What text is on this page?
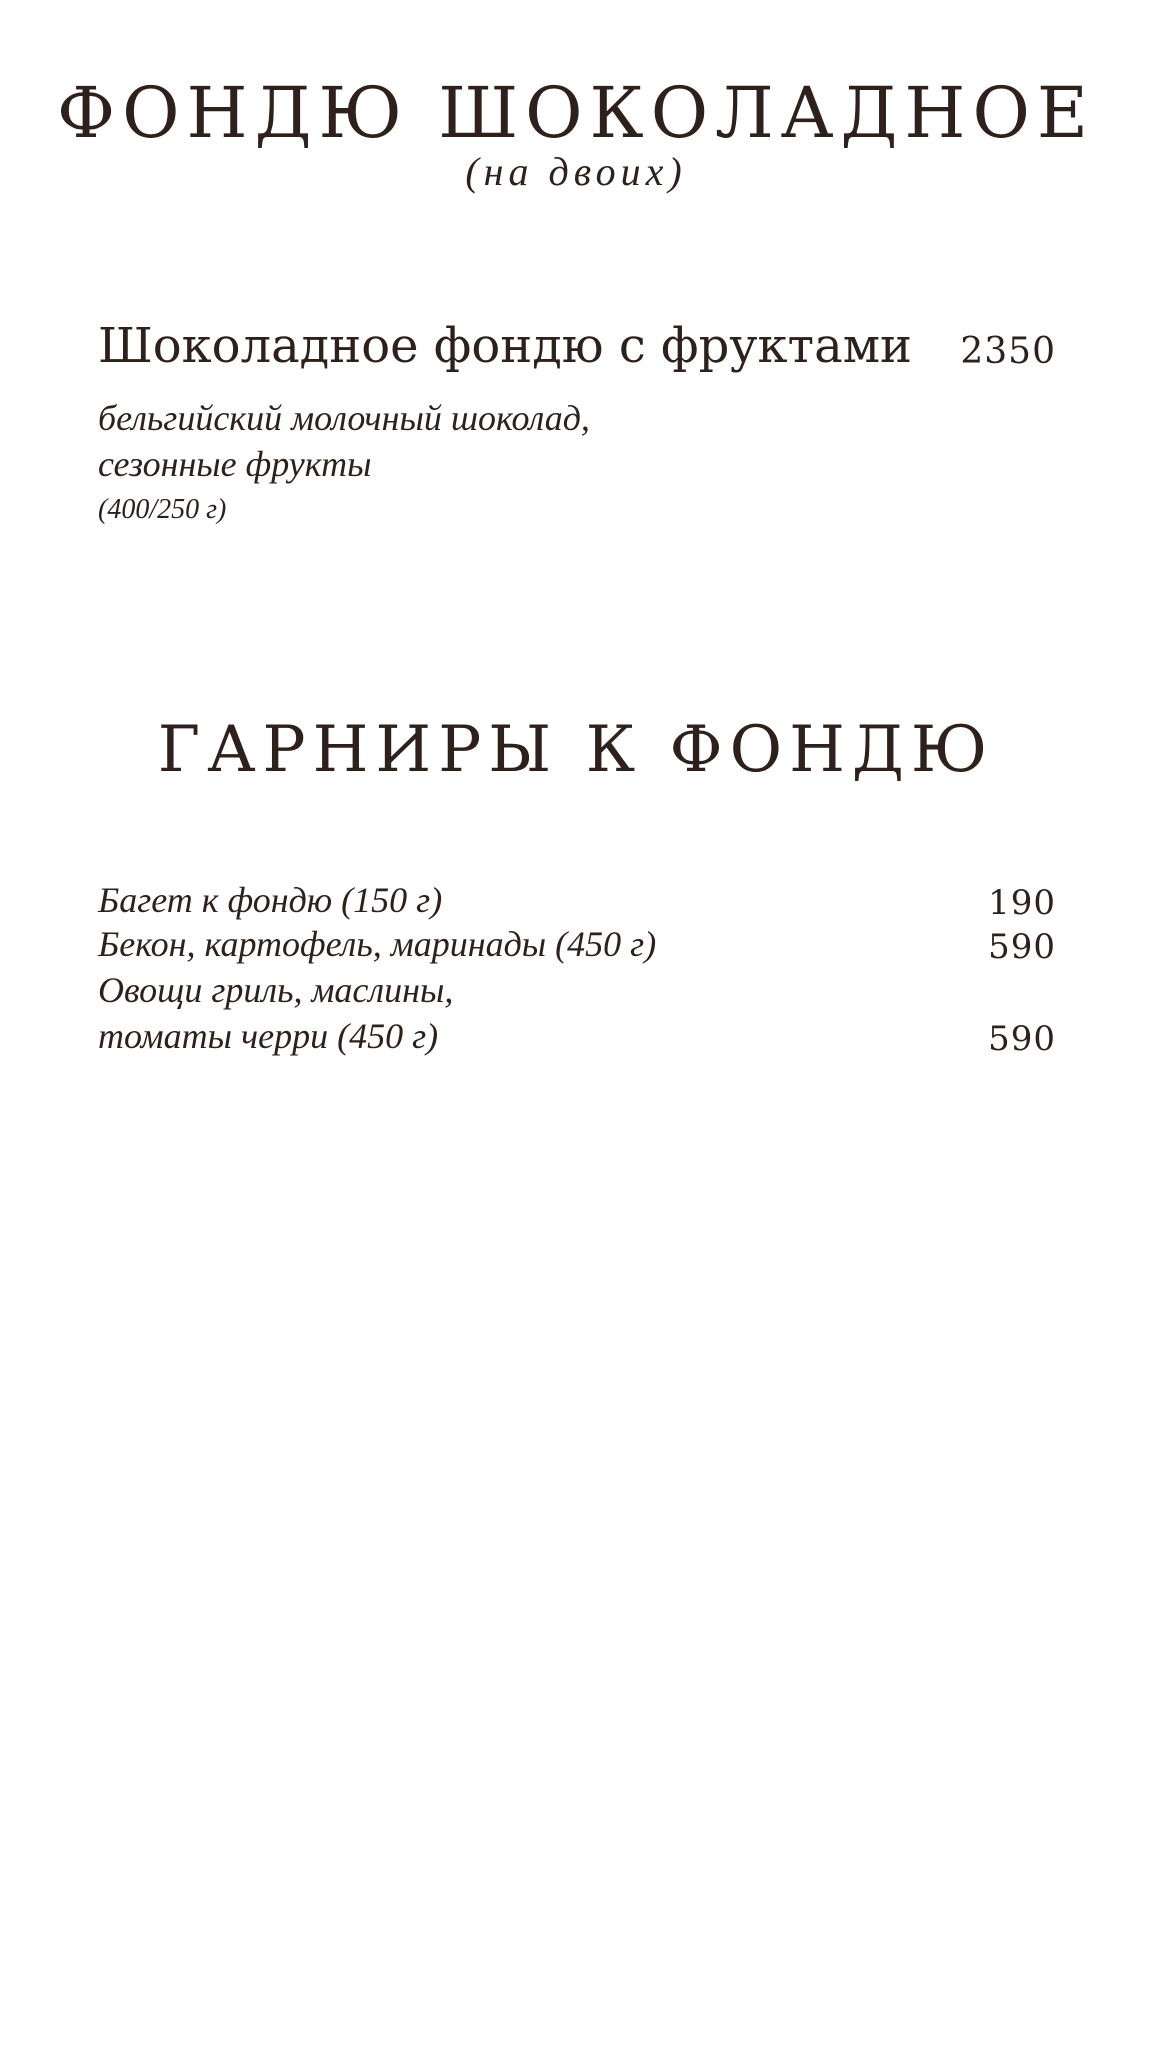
ФОНДЮ ШОКОЛАДНОЕ
(на двоих)
Шоколадное фондю с фруктами 2350
бельгийский молочный шоколад,
сезонные фрукты
(400/250 г)
ГАРНИРЫ К ФОНДЮ
Багет к фондю (150 г)	190
Бекон, картофель, маринады (450 г)	590
Овощи гриль, маслины,
томаты черри (450 г)	590
